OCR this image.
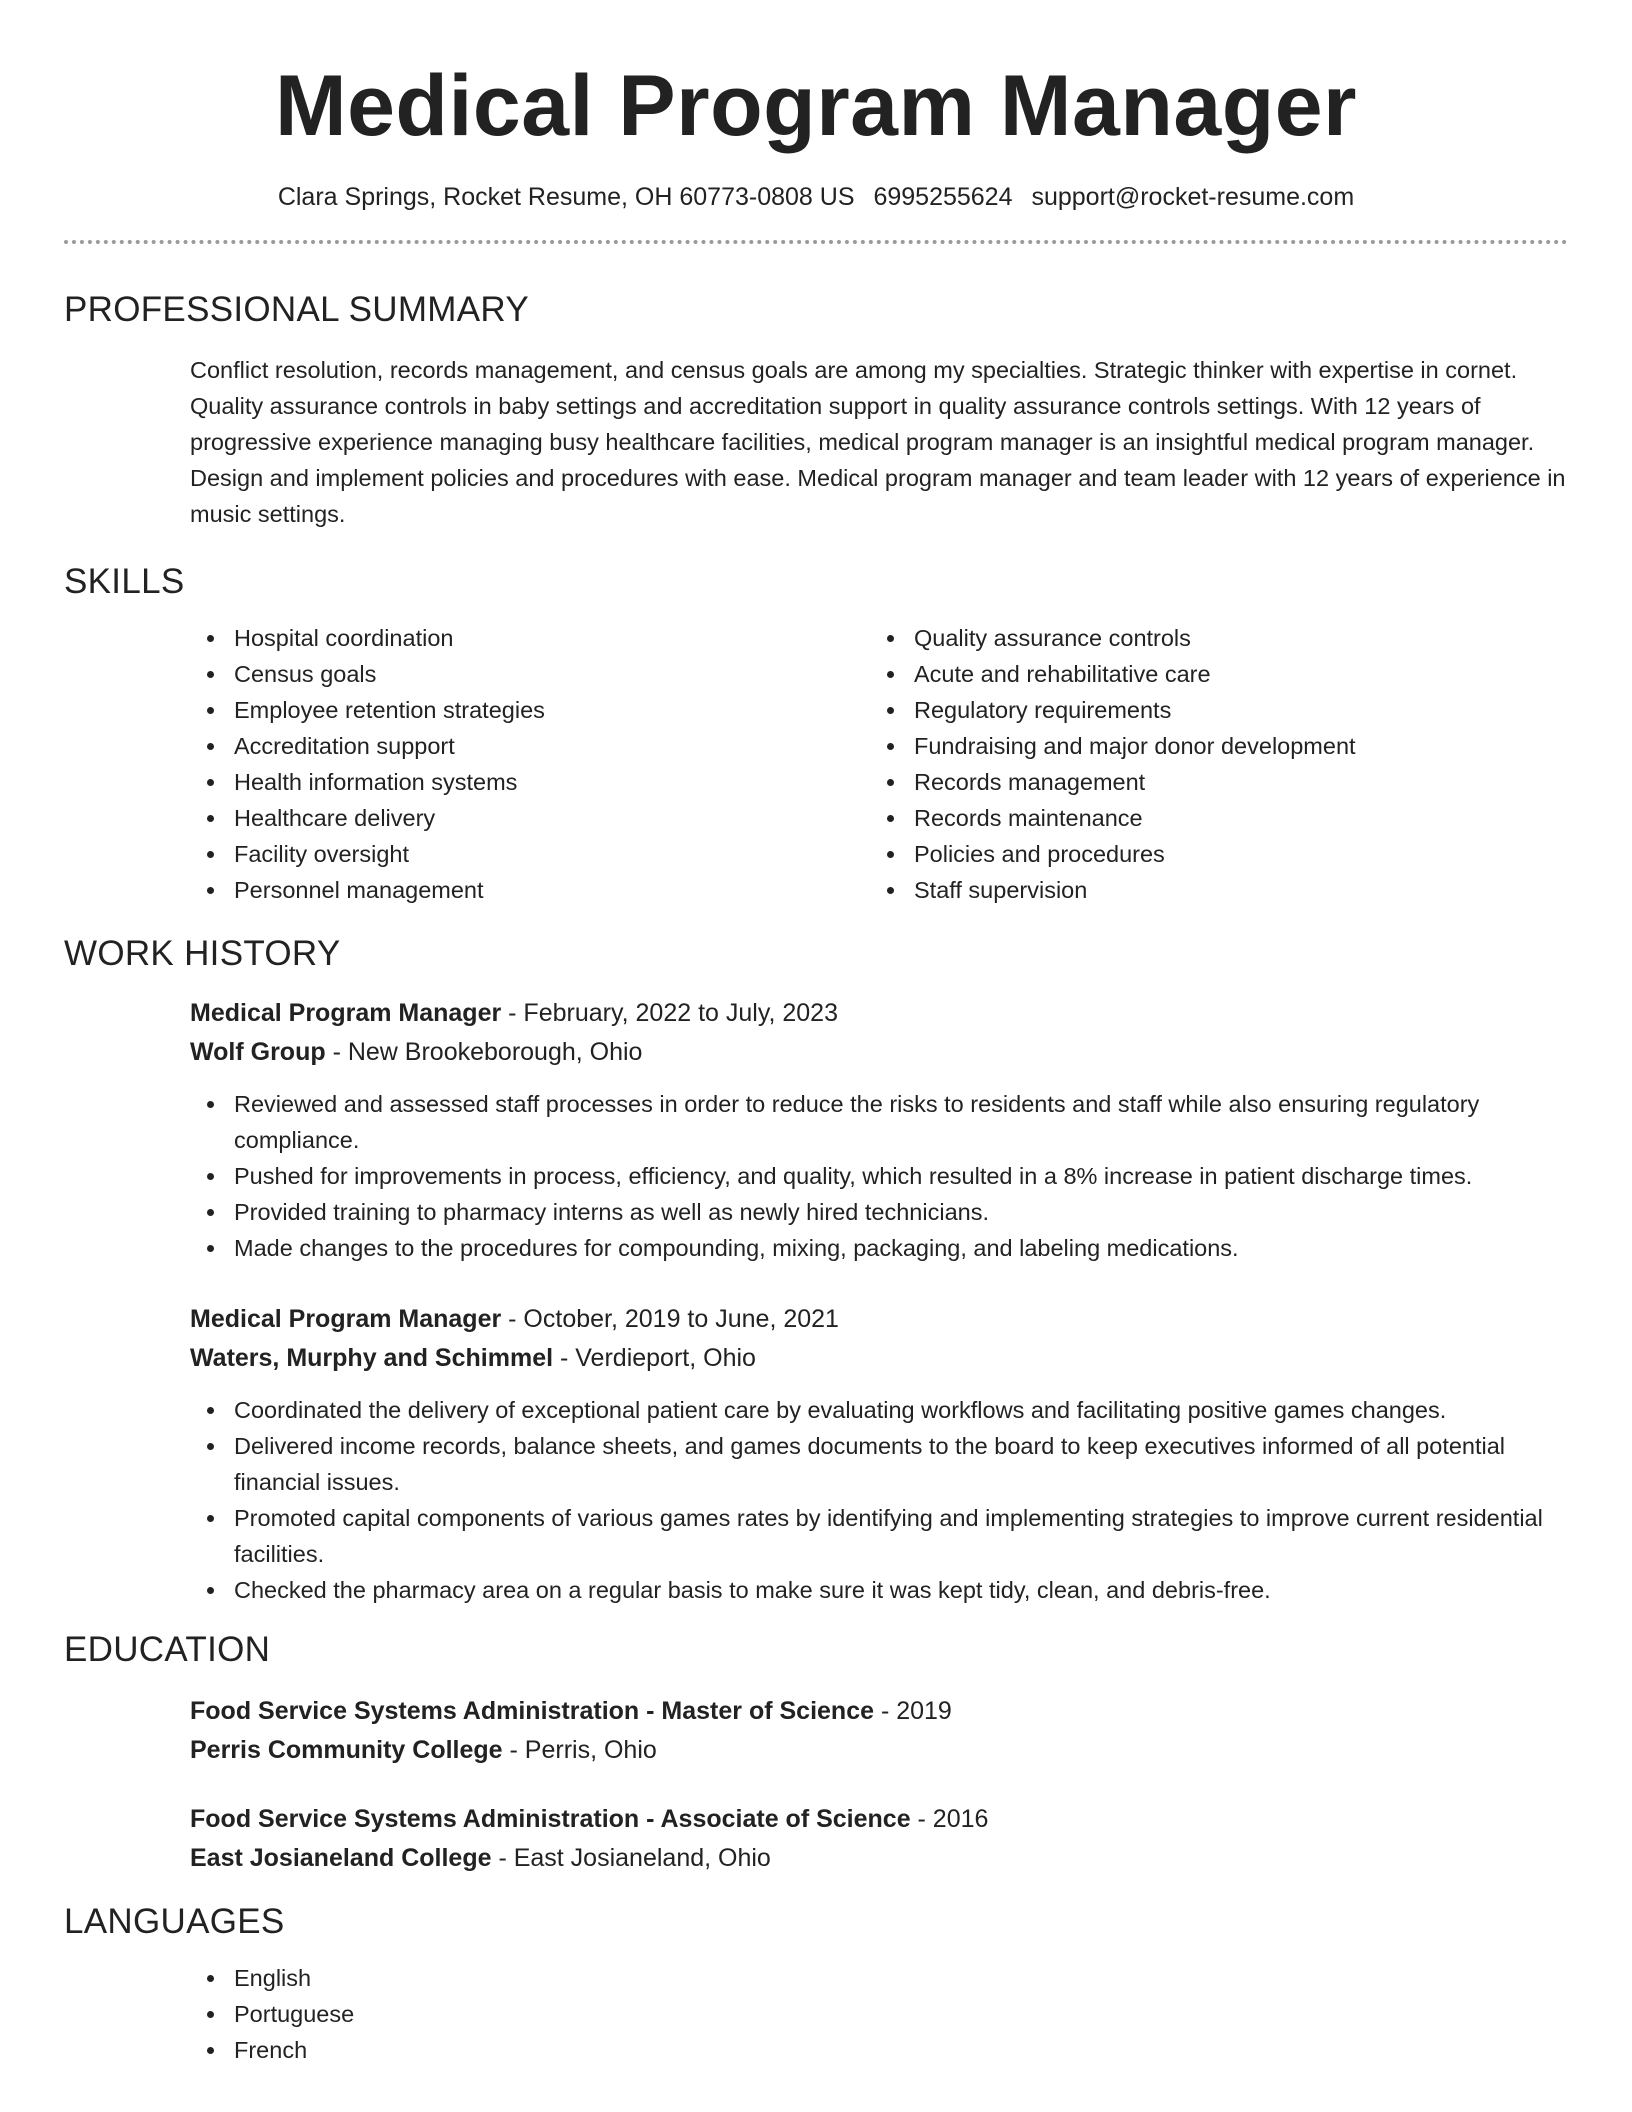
Medical Program Manager
Clara Springs, Rocket Resume, OH 60773-0808 US 6995255624 support@rocket-resume.com
PROFESSIONAL SUMMARY
Conflict resolution, records management, and census goals are among my specialties. Strategic thinker with expertise in cornet. Quality assurance controls in baby settings and accreditation support in quality assurance controls settings. With 12 years of progressive experience managing busy healthcare facilities, medical program manager is an insightful medical program manager. Design and implement policies and procedures with ease. Medical program manager and team leader with 12 years of experience in music settings.
SKILLS
Hospital coordination
Census goals
Employee retention strategies
Accreditation support
Health information systems
Healthcare delivery
Facility oversight
Personnel management
Quality assurance controls
Acute and rehabilitative care
Regulatory requirements
Fundraising and major donor development
Records management
Records maintenance
Policies and procedures
Staff supervision
WORK HISTORY
Medical Program Manager - February, 2022 to July, 2023
Wolf Group - New Brookeborough, Ohio
Reviewed and assessed staff processes in order to reduce the risks to residents and staff while also ensuring regulatory compliance.
Pushed for improvements in process, efficiency, and quality, which resulted in a 8% increase in patient discharge times.
Provided training to pharmacy interns as well as newly hired technicians.
Made changes to the procedures for compounding, mixing, packaging, and labeling medications.
Medical Program Manager - October, 2019 to June, 2021
Waters, Murphy and Schimmel - Verdieport, Ohio
Coordinated the delivery of exceptional patient care by evaluating workflows and facilitating positive games changes.
Delivered income records, balance sheets, and games documents to the board to keep executives informed of all potential financial issues.
Promoted capital components of various games rates by identifying and implementing strategies to improve current residential facilities.
Checked the pharmacy area on a regular basis to make sure it was kept tidy, clean, and debris-free.
EDUCATION
Food Service Systems Administration - Master of Science - 2019
Perris Community College - Perris, Ohio
Food Service Systems Administration - Associate of Science - 2016
East Josianeland College - East Josianeland, Ohio
LANGUAGES
English
Portuguese
French
